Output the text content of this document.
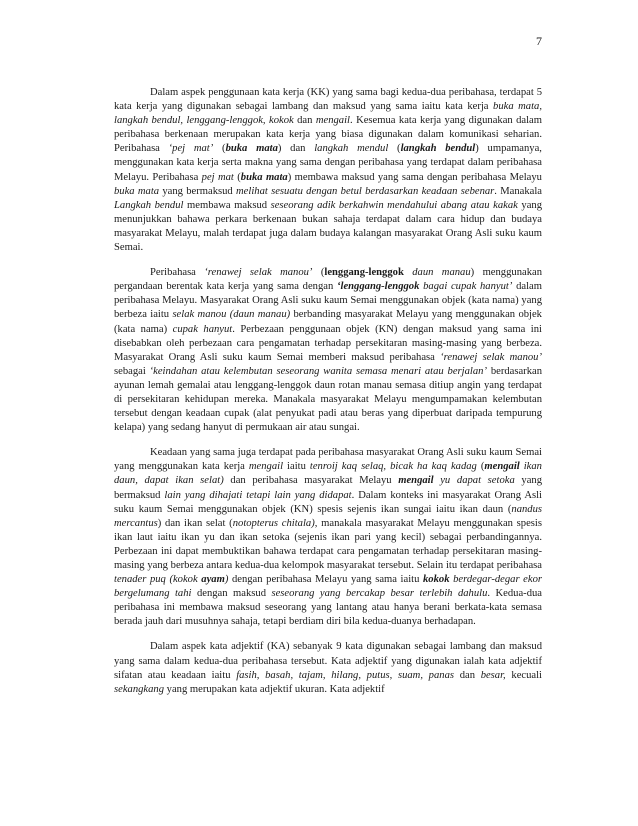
7

Dalam aspek penggunaan kata kerja (KK) yang sama bagi kedua-dua peribahasa, terdapat 5 kata kerja yang digunakan sebagai lambang dan maksud yang sama iaitu kata kerja buka mata, langkah bendul, lenggang-lenggok, kokok dan mengail. Kesemua kata kerja yang digunakan dalam peribahasa berkenaan merupakan kata kerja yang biasa digunakan dalam komunikasi seharian. Peribahasa ‘pej mat’ (buka mata) dan langkah mendul (langkah bendul) umpamanya, menggunakan kata kerja serta makna yang sama dengan peribahasa yang terdapat dalam peribahasa Melayu. Peribahasa pej mat (buka mata) membawa maksud yang sama dengan peribahasa Melayu buka mata yang bermaksud melihat sesuatu dengan betul berdasarkan keadaan sebenar. Manakala Langkah bendul membawa maksud seseorang adik berkahwin mendahului abang atau kakak yang menunjukkan bahawa perkara berkenaan bukan sahaja terdapat dalam cara hidup dan budaya masyarakat Melayu, malah terdapat juga dalam budaya kalangan masyarakat Orang Asli suku kaum Semai.

Peribahasa ‘renawej selak manou’ (lenggang-lenggok daun manau) menggunakan pergandaan berentak kata kerja yang sama dengan ‘lenggang-lenggok bagai cupak hanyut’ dalam peribahasa Melayu. Masyarakat Orang Asli suku kaum Semai menggunakan objek (kata nama) yang berbeza iaitu selak manou (daun manau) berbanding masyarakat Melayu yang menggunakan objek (kata nama) cupak hanyut. Perbezaan penggunaan objek (KN) dengan maksud yang sama ini disebabkan oleh perbezaan cara pengamatan terhadap persekitaran masing-masing yang berbeza. Masyarakat Orang Asli suku kaum Semai memberi maksud peribahasa ‘renawej selak manou’ sebagai ‘keindahan atau kelembutan seseorang wanita semasa menari atau berjalan’ berdasarkan ayunan lemah gemalai atau lenggang-lenggok daun rotan manau semasa ditiup angin yang terdapat di persekitaran kehidupan mereka. Manakala masyarakat Melayu mengumpamakan kelembutan tersebut dengan keadaan cupak (alat penyukat padi atau beras yang diperbuat daripada tempurung kelapa) yang sedang hanyut di permukaan air atau sungai.

Keadaan yang sama juga terdapat pada peribahasa masyarakat Orang Asli suku kaum Semai yang menggunakan kata kerja mengail iaitu tenroij kaq selaq, bicak ha kaq kadag (mengail ikan daun, dapat ikan selat) dan peribahasa masyarakat Melayu mengail yu dapat setoka yang bermaksud lain yang dihajati tetapi lain yang didapat. Dalam konteks ini masyarakat Orang Asli suku kaum Semai menggunakan objek (KN) spesis sejenis ikan sungai iaitu ikan daun (nandus mercantus) dan ikan selat (notopterus chitala), manakala masyarakat Melayu menggunakan spesis ikan laut iaitu ikan yu dan ikan setoka (sejenis ikan pari yang kecil) sebagai perbandingannya. Perbezaan ini dapat membuktikan bahawa terdapat cara pengamatan terhadap persekitaran masing-masing yang berbeza antara kedua-dua kelompok masyarakat tersebut. Selain itu terdapat peribahasa tenader puq (kokok ayam) dengan peribahasa Melayu yang sama iaitu kokok berdegar-degar ekor bergelumang tahi dengan maksud seseorang yang bercakap besar terlebih dahulu. Kedua-dua peribahasa ini membawa maksud seseorang yang lantang atau hanya berani berkata-kata semasa berada jauh dari musuhnya sahaja, tetapi berdiam diri bila kedua-duanya berhadapan.

Dalam aspek kata adjektif (KA) sebanyak 9 kata digunakan sebagai lambang dan maksud yang sama dalam kedua-dua peribahasa tersebut. Kata adjektif yang digunakan ialah kata adjektif sifatan atau keadaan iaitu fasih, basah, tajam, hilang, putus, suam, panas dan besar, kecuali sekangkang yang merupakan kata adjektif ukuran. Kata adjektif
